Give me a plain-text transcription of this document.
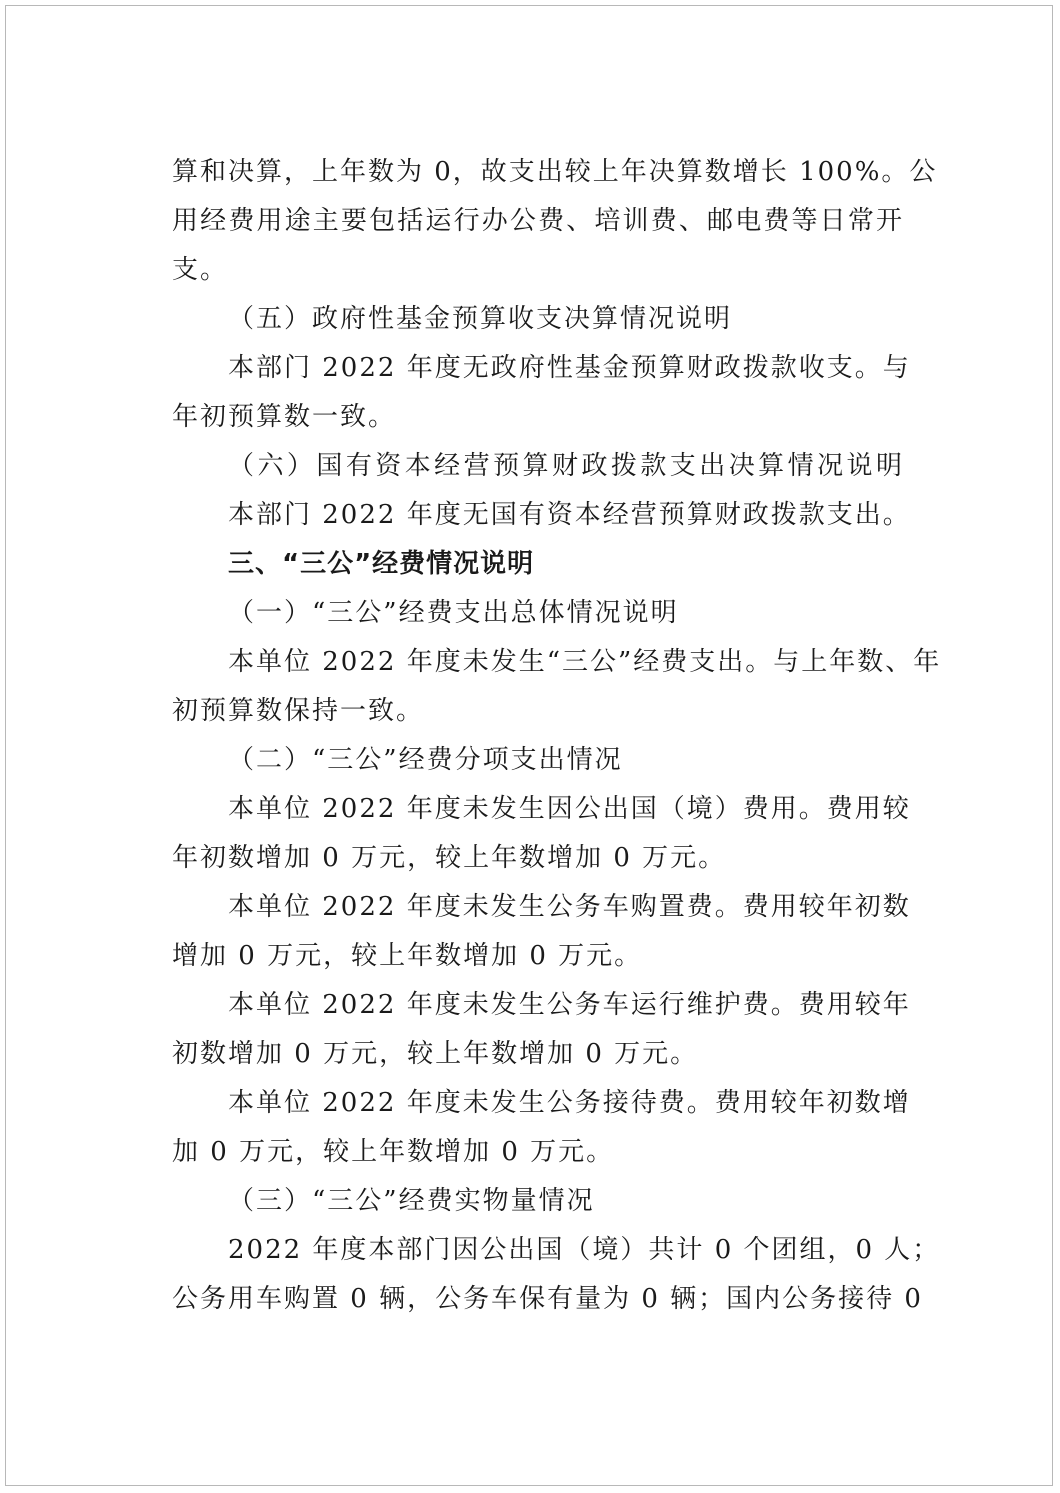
算和决算，上年数为 0，故支出较上年决算数增长 100%。公
用经费用途主要包括运行办公费、培训费、邮电费等日常开
支。
（五）政府性基金预算收支决算情况说明
本部门 2022 年度无政府性基金预算财政拨款收支。与
年初预算数一致。
（六）国有资本经营预算财政拨款支出决算情况说明
本部门 2022 年度无国有资本经营预算财政拨款支出。
三、“三公”经费情况说明
（一）“三公”经费支出总体情况说明
本单位 2022 年度未发生“三公”经费支出。与上年数、年
初预算数保持一致。
（二）“三公”经费分项支出情况
本单位 2022 年度未发生因公出国（境）费用。费用较
年初数增加 0 万元，较上年数增加 0 万元。
本单位 2022 年度未发生公务车购置费。费用较年初数
增加 0 万元，较上年数增加 0 万元。
本单位 2022 年度未发生公务车运行维护费。费用较年
初数增加 0 万元，较上年数增加 0 万元。
本单位 2022 年度未发生公务接待费。费用较年初数增
加 0 万元，较上年数增加 0 万元。
（三）“三公”经费实物量情况
2022 年度本部门因公出国（境）共计 0 个团组，0 人；
公务用车购置 0 辆，公务车保有量为 0 辆；国内公务接待 0
